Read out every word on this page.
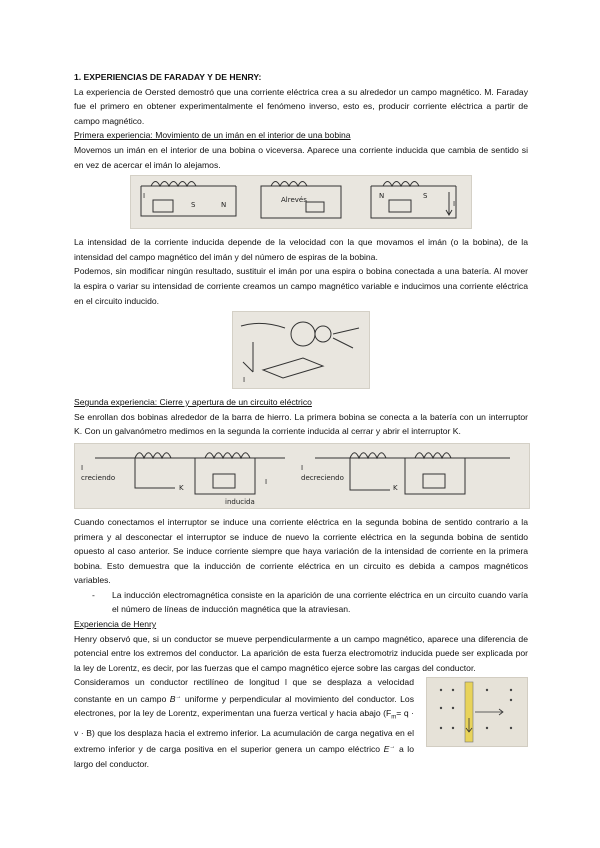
1. EXPERIENCIAS DE FARADAY Y DE HENRY:

La experiencia de Oersted demostró que una corriente eléctrica crea a su alrededor un campo magnético. M. Faraday fue el primero en obtener experimentalmente el fenómeno inverso, esto es, producir corriente eléctrica a partir de campo magnético.

Primera experiencia: Movimiento de un imán en el interior de una bobina

Movemos un imán en el interior de una bobina o viceversa. Aparece una corriente inducida que cambia de sentido si en vez de acercar el imán lo alejamos.

I
S	N
N	S
Alrevés	I

La intensidad de la corriente inducida depende de la velocidad con la que movamos el imán (o la bobina), de la intensidad del campo magnético del imán y del número de espiras de la bobina.

Podemos, sin modificar ningún resultado, sustituir el imán por una espira o bobina conectada a una batería. Al mover la espira o variar su intensidad de corriente creamos un campo magnético variable e inducimos una corriente eléctrica en el circuito inducido.

I

Segunda experiencia: Cierre y apertura de un circuito eléctrico

Se enrollan dos bobinas alrededor de la barra de hierro. La primera bobina se conecta a la batería con un interruptor K. Con un galvanómetro medimos en la segunda la corriente inducida al cerrar y abrir el interruptor K.

I
creciendo
K
I
inducida
I
decreciendo
K

Cuando conectamos el interruptor se induce una corriente eléctrica en la segunda bobina de sentido contrario a la primera y al desconectar el interruptor se induce de nuevo la corriente eléctrica en la segunda bobina de sentido opuesto al caso anterior. Se induce corriente siempre que haya variación de la intensidad de corriente en la primera bobina. Esto demuestra que la inducción de corriente eléctrica en un circuito es debida a campos magnéticos variables.

-	La inducción electromagnética consiste en la aparición de una corriente eléctrica en un circuito cuando varía el número de líneas de inducción magnética que la atraviesan.

Experiencia de Henry

Henry observó que, si un conductor se mueve perpendicularmente a un campo magnético, aparece una diferencia de potencial entre los extremos del conductor. La aparición de esta fuerza electromotriz inducida puede ser explicada por la ley de Lorentz, es decir, por las fuerzas que el campo magnético ejerce sobre las cargas del conductor.

Consideramos un conductor rectilíneo de longitud l que se desplaza a velocidad constante en un campo B→ uniforme y perpendicular al movimiento del conductor. Los electrones, por la ley de Lorentz, experimentan una fuerza vertical y hacia abajo $(F_m= q \cdot v \cdot B)$ que los desplaza hacia el extremo inferior. La acumulación de carga negativa en el extremo inferior y de carga positiva en el superior genera un campo eléctrico E→ a lo largo del conductor.
